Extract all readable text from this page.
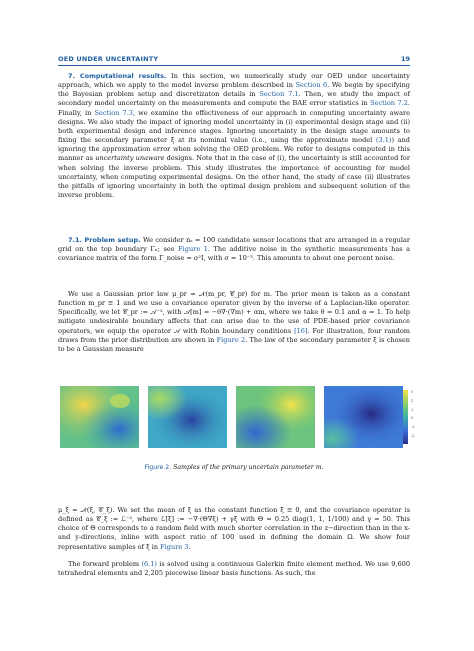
OED UNDER UNCERTAINTY	19

7. Computational results. In this section, we numerically study our OED under uncertainty approach, which we apply to the model inverse problem described in Section 6. We begin by specifying the Bayesian problem setup and discretizaton details in Section 7.1. Then, we study the impact of secondary model uncertainty on the measurements and compute the BAE error statistics in Section 7.2. Finally, in Section 7.3, we examine the effectiveness of our approach in computing uncertainty aware designs. We also study the impact of ignoring model uncertainty in (i) experimental design stage and (ii) both experimental design and inference stages. Ignoring uncertainty in the design stage amounts to fixing the secondary parameter ξ at its nominal value (i.e., using the approximate model (3.1)) and ignoring the approximation error when solving the OED problem. We refer to designs computed in this manner as uncertainty unaware designs. Note that in the case of (i), the uncertainty is still accounted for when solving the inverse problem. This study illustrates the importance of accounting for model uncertainty, when computing experimental designs. On the other hand, the study of case (ii) illustrates the pitfalls of ignoring uncertainty in both the optimal design problem and subsequent solution of the inverse problem.

7.1. Problem setup. We consider nₛ = 100 candidate sensor locations that are arranged in a regular grid on the top boundary Γₙ; see Figure 1. The additive noise in the synthetic measurements has a covariance matrix of the form Γ_noise = σ²I, with σ = 10⁻³. This amounts to about one percent noise.

We use a Gaussian prior law μ_pr = 𝒩(m_pr, 𝒞_pr) for m. The prior mean is taken as a constant function m_pr ≡ 1 and we use a covariance operator given by the inverse of a Laplacian-like operator. Specifically, we let 𝒞_pr := 𝒜⁻², with 𝒜[m] = −θ∇·(∇m) + αm, where we take θ = 0.1 and α = 1. To help mitigate undesirable boundary affects that can arise due to the use of PDE-based prior covariance operators, we equip the operator 𝒜 with Robin boundary conditions [16]. For illustration, four random draws from the prior distribution are shown in Figure 2. The law of the secondary parameter ξ is chosen to be a Gaussian measure

3
2
1
0
-1
-2
Figure 2. Samples of the primary uncertain parameter m.

μ_ξ = 𝒩(ξ̄, 𝒞_ξ). We set the mean of ξ as the constant function ξ̄ ≡ 0, and the covariance operator is defined as 𝒞_ξ := ℒ⁻², where ℒ[ξ] := −∇·(Θ∇ξ) + γξ with Θ = 0.25 diag(1, 1, 1/100) and γ = 50. This choice of Θ corresponds to a random field with much shorter correlation in the z−direction than in the x- and y-directions, inline with aspect ratio of 100 used in defining the domain Ω. We show four representative samples of ξ in Figure 3.

The forward problem (6.1) is solved using a continuous Galerkin finite element method. We use 9,600 tetrahedral elements and 2,205 piecewise linear basis functions. As such, the
